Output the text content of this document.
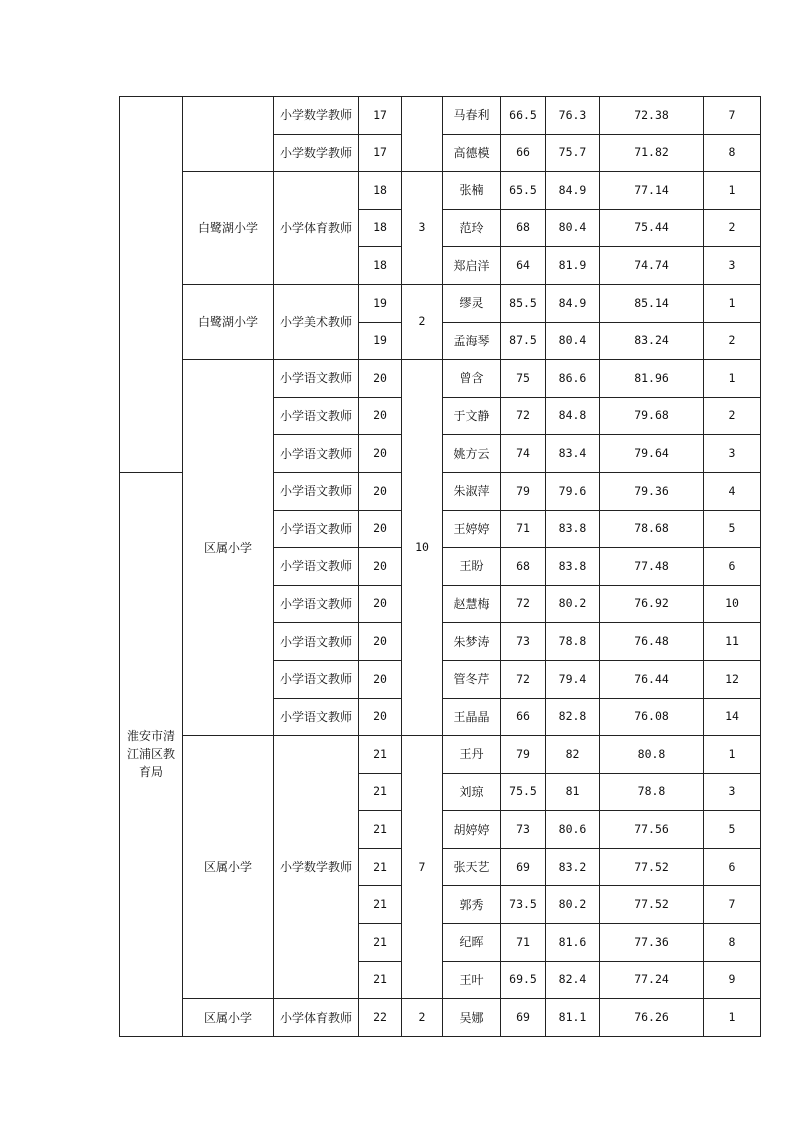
		小学数学教师	17		马春利	66.5	76.3	72.38	7
		小学数学教师	17		高德模	66	75.7	71.82	8
	白鹭湖小学	小学体育教师	18	3	张楠	65.5	84.9	77.14	1
			18		范玲	68	80.4	75.44	2
			18		郑启洋	64	81.9	74.74	3
	白鹭湖小学	小学美术教师	19	2	缪灵	85.5	84.9	85.14	1
			19		孟海琴	87.5	80.4	83.24	2
	区属小学	小学语文教师	20	10	曾含	75	86.6	81.96	1
		小学语文教师	20		于文静	72	84.8	79.68	2
		小学语文教师	20		姚方云	74	83.4	79.64	3
淮安市清江浦区教育局		小学语文教师	20		朱淑萍	79	79.6	79.36	4
		小学语文教师	20		王婷婷	71	83.8	78.68	5
		小学语文教师	20		王盼	68	83.8	77.48	6
		小学语文教师	20		赵慧梅	72	80.2	76.92	10
		小学语文教师	20		朱梦涛	73	78.8	76.48	11
		小学语文教师	20		管冬芹	72	79.4	76.44	12
		小学语文教师	20		王晶晶	66	82.8	76.08	14
	区属小学	小学数学教师	21	7	王丹	79	82	80.8	1
			21		刘琼	75.5	81	78.8	3
			21		胡婷婷	73	80.6	77.56	5
			21		张天艺	69	83.2	77.52	6
			21		郭秀	73.5	80.2	77.52	7
			21		纪晖	71	81.6	77.36	8
			21		王叶	69.5	82.4	77.24	9
	区属小学	小学体育教师	22	2	吴娜	69	81.1	76.26	1
